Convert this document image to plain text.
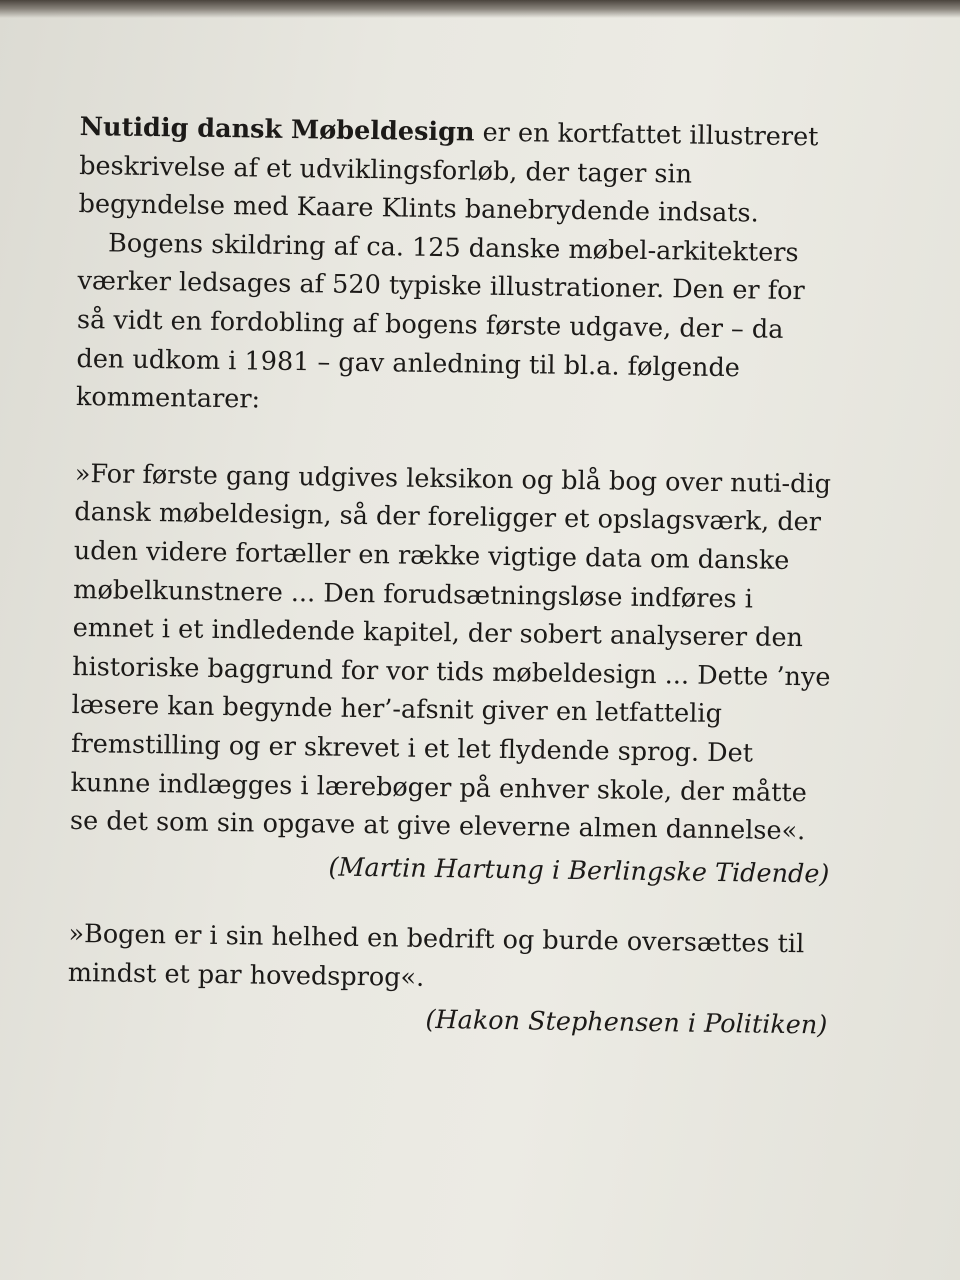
Nutidig dansk Møbeldesign er en kortfattet illustreret beskrivelse af et udviklingsforløb, der tager sin begyndelse med Kaare Klints banebrydende indsats.

Bogens skildring af ca. 125 danske møbel-arkitekters værker ledsages af 520 typiske illustrationer. Den er for så vidt en fordobling af bogens første udgave, der – da den udkom i 1981 – gav anledning til bl.a. følgende kommentarer:

»For første gang udgives leksikon og blå bog over nuti-dig dansk møbeldesign, så der foreligger et opslagsværk, der uden videre fortæller en række vigtige data om danske møbelkunstnere ... Den forudsætningsløse indføres i emnet i et indledende kapitel, der sobert analyserer den historiske baggrund for vor tids møbeldesign ... Dette ’nye læsere kan begynde her’-afsnit giver en letfattelig fremstilling og er skrevet i et let flydende sprog. Det kunne indlægges i lærebøger på enhver skole, der måtte se det som sin opgave at give eleverne almen dannelse«.

(Martin Hartung i Berlingske Tidende)

»Bogen er i sin helhed en bedrift og burde oversættes til mindst et par hovedsprog«.

(Hakon Stephensen i Politiken)
